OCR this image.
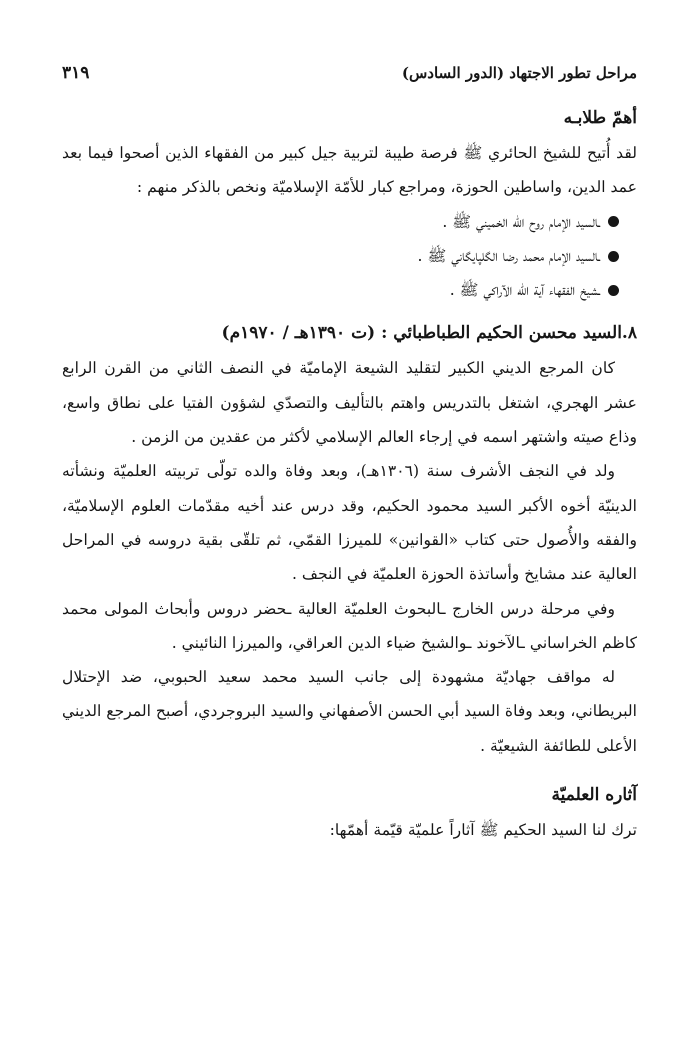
٣١٩	مراحل تطور الاجتهاد (الدور السادس)
أهمّ طلابـه

لقد أُتيح للشيخ الحائري ﷺ فرصة طيبة لتربية جيل كبير من الفقهاء الذين أصحوا فيما بعد عمد الدين، واساطين الحوزة، ومراجع كبار للأمّة الإسلاميّة ونخص بالذكر منهم :

ـالسيد الإمام روح الله الخميني ﷺ .
ـالسيد الإمام محمد رضا الگلپايگاني ﷺ .
ـشيخ الفقهاء آية الله الآراكي ﷺ .
٨.السيد محسن الحكيم الطباطبائي : (ت ١٣٩٠هـ / ١٩٧٠م)

كان المرجع الديني الكبير لتقليد الشيعة الإماميّة في النصف الثاني من القرن الرابع عشر الهجري، اشتغل بالتدريس واهتم بالتأليف والتصدّي لشؤون الفتيا على نطاق واسع، وذاع صيته واشتهر اسمه في إرجاء العالم الإسلامي لأكثر من عقدين من الزمن .

ولد في النجف الأشرف سنة (١٣٠٦هـ)، وبعد وفاة والده تولّى تربيته العلميّة ونشأته الدينيّة أخوه الأكبر السيد محمود الحكيم، وقد درس عند أخيه مقدّمات العلوم الإسلاميّة، والفقه والأُصول حتى كتاب «القوانين» للميرزا القمّي، ثم تلقّى بقية دروسه في المراحل العالية عند مشايخ وأساتذة الحوزة العلميّة في النجف .

وفي مرحلة درس الخارج ـالبحوث العلميّة العالية ـحضر دروس وأبحاث المولى محمد كاظم الخراساني ـالآخوند ـوالشيخ ضياء الدين العراقي، والميرزا النائيني .

له مواقف جهاديّة مشهودة إلى جانب السيد محمد سعيد الحبوبي، ضد الإحتلال البريطاني، وبعد وفاة السيد أبي الحسن الأصفهاني والسيد البروجردي، أصبح المرجع الديني الأعلى للطائفة الشيعيّة .

آثاره العلميّة

ترك لنا السيد الحكيم ﷺ آثاراً علميّة قيّمة أهمّها:
